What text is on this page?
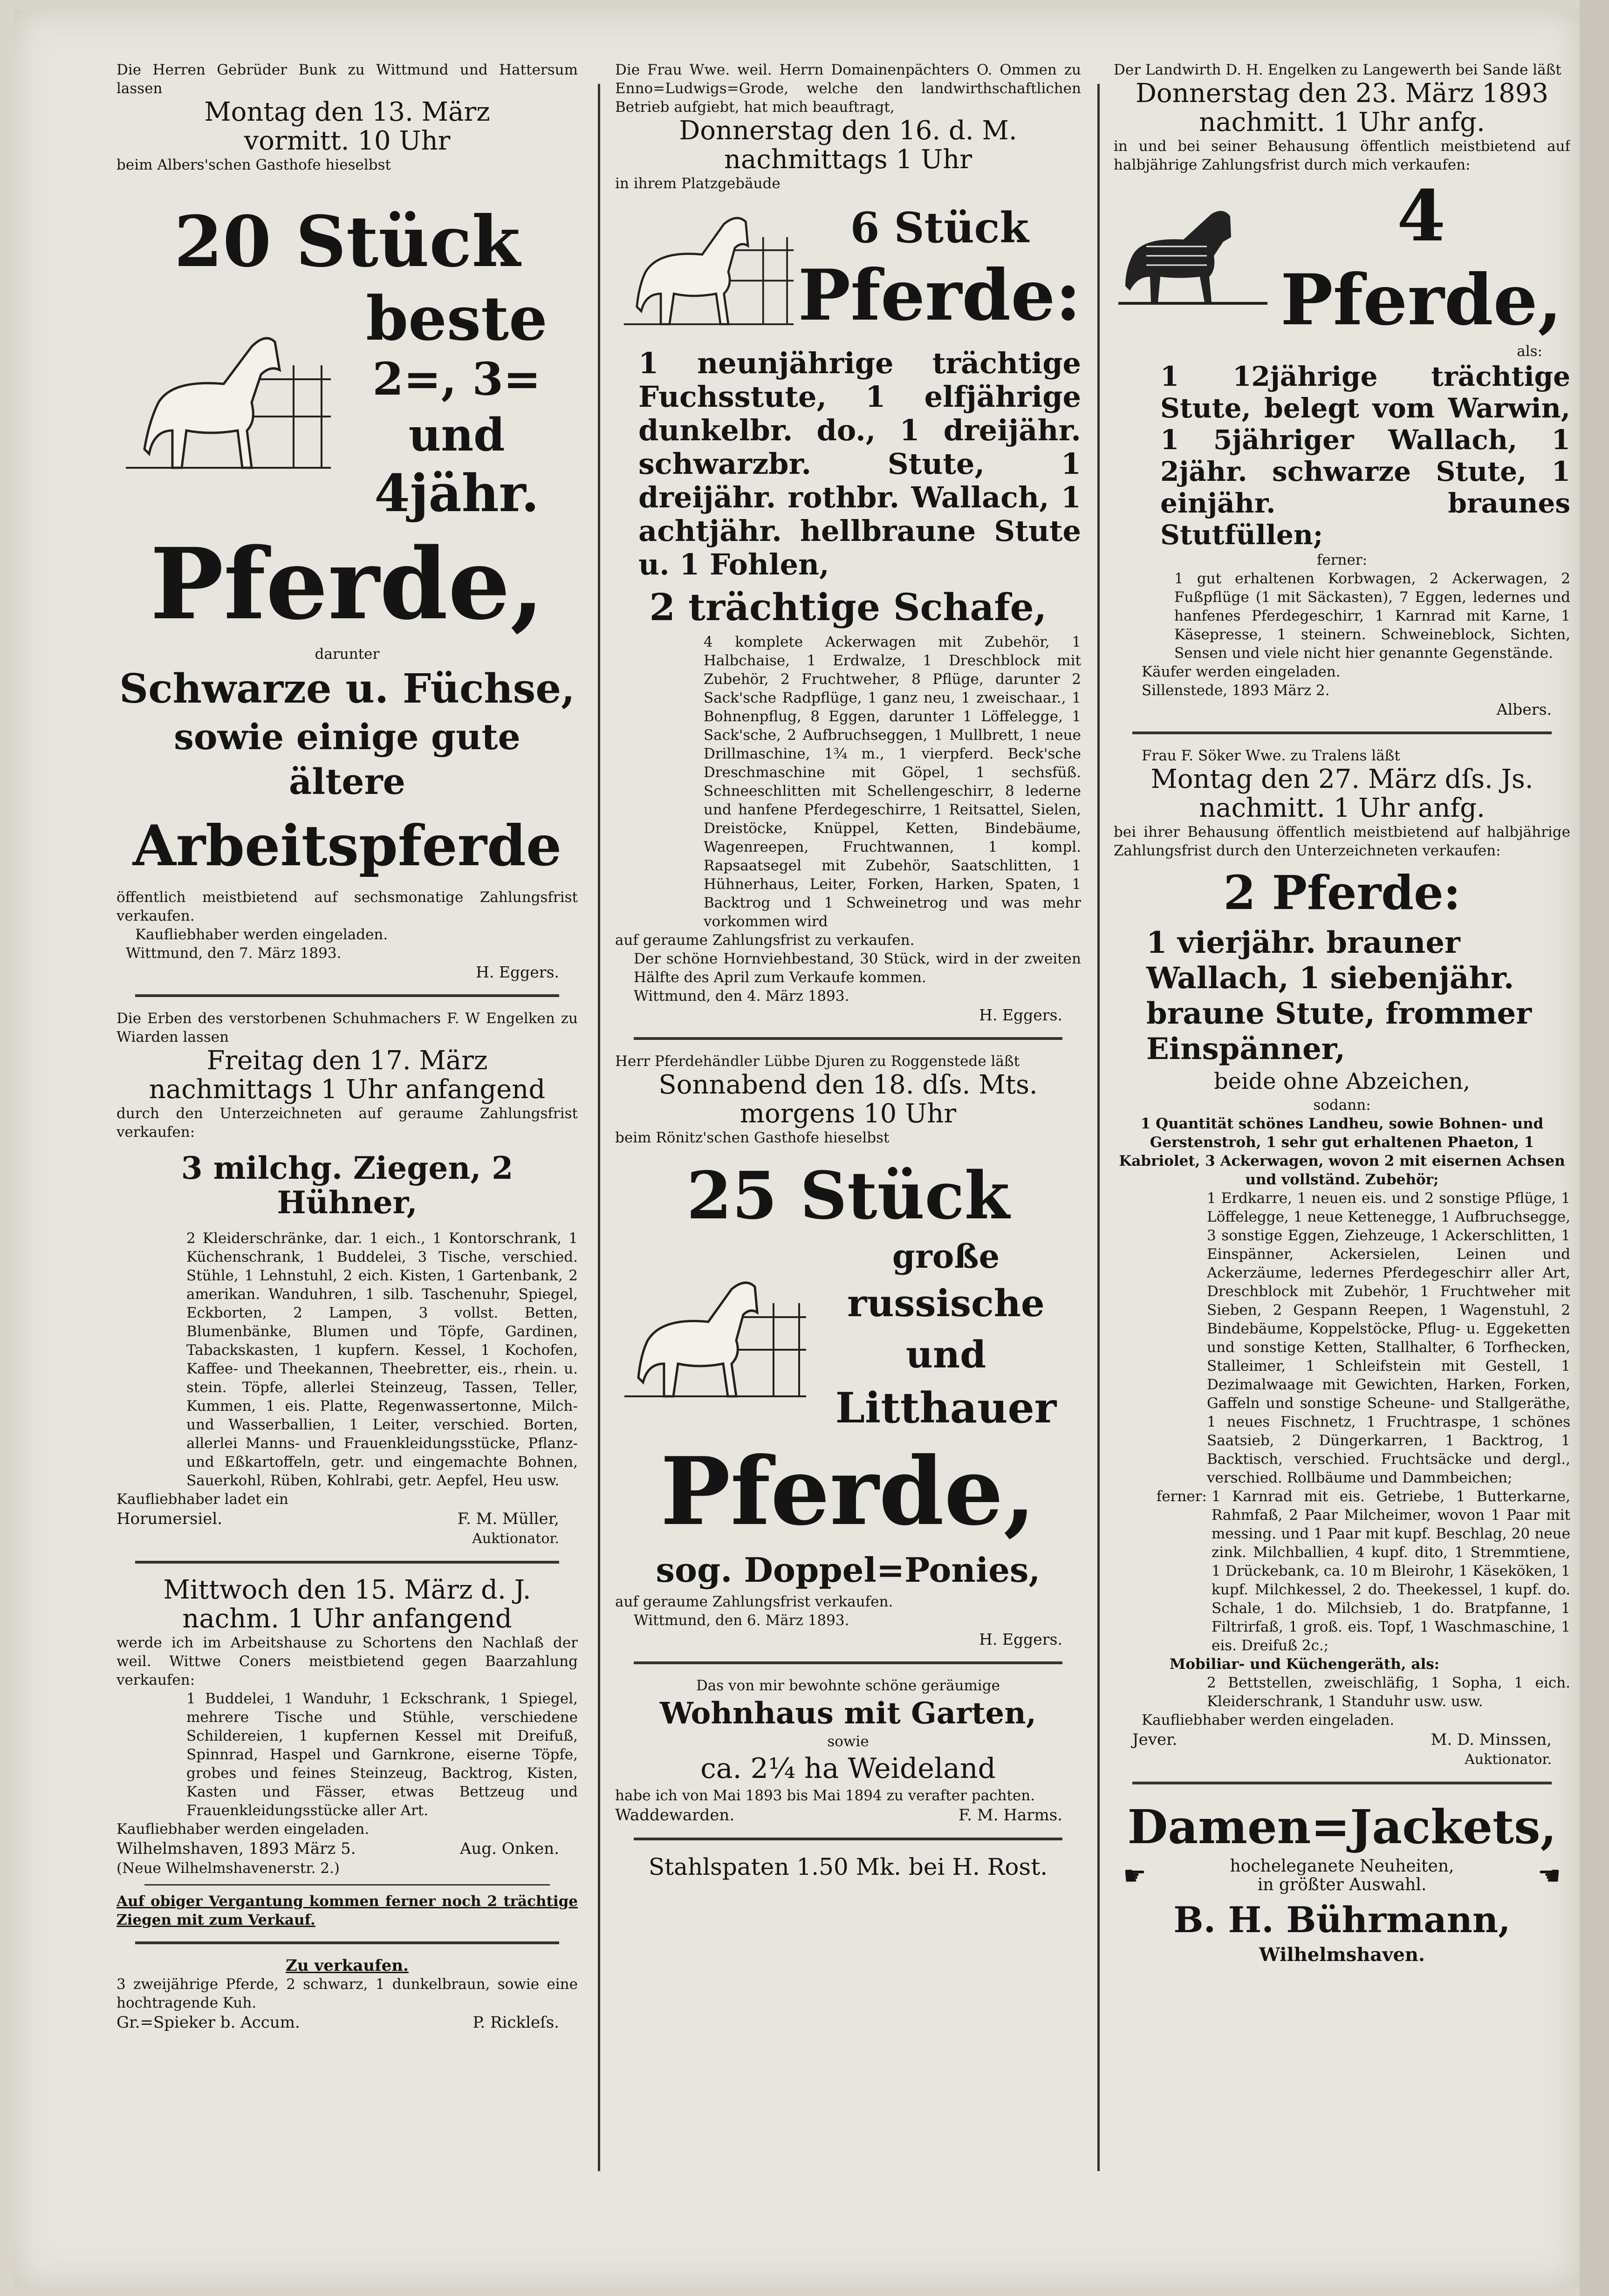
Die Herren Gebrüder Bunk zu Wittmund und Hattersum lassen

Montag den 13. März

vormitt. 10 Uhr

beim Albers'schen Gasthofe hieselbst

20 Stück

beste

2=, 3= und

4jähr.

Pferde,

darunter

Schwarze u. Füchse,

sowie einige gute ältere

Arbeitspferde

öffentlich meistbietend auf sechsmonatige Zahlungsfrist verkaufen.

Kaufliebhaber werden eingeladen.

Wittmund, den 7. März 1893.

H. Eggers.

Die Erben des verstorbenen Schuhmachers F. W Engelken zu Wiarden lassen

Freitag den 17. März

nachmittags 1 Uhr anfangend

durch den Unterzeichneten auf geraume Zahlungsfrist verkaufen:

3 milchg. Ziegen, 2 Hühner,

2 Kleiderschränke, dar. 1 eich., 1 Kontorschrank, 1 Küchenschrank, 1 Buddelei, 3 Tische, verschied. Stühle, 1 Lehnstuhl, 2 eich. Kisten, 1 Gartenbank, 2 amerikan. Wanduhren, 1 silb. Taschenuhr, Spiegel, Eckborten, 2 Lampen, 3 vollst. Betten, Blumenbänke, Blumen und Töpfe, Gardinen, Tabackskasten, 1 kupfern. Kessel, 1 Kochofen, Kaffee- und Theekannen, Theebretter, eis., rhein. u. stein. Töpfe, allerlei Steinzeug, Tassen, Teller, Kummen, 1 eis. Platte, Regenwassertonne, Milch- und Wasserballien, 1 Leiter, verschied. Borten, allerlei Manns- und Frauenkleidungsstücke, Pflanz- und Eßkartoffeln, getr. und eingemachte Bohnen, Sauerkohl, Rüben, Kohlrabi, getr. Aepfel, Heu usw.

Kaufliebhaber ladet ein

Horumersiel.	F. M. Müller,

Auktionator.

Mittwoch den 15. März d. J.

nachm. 1 Uhr anfangend

werde ich im Arbeitshause zu Schortens den Nachlaß der weil. Wittwe Coners meistbietend gegen Baarzahlung verkaufen:

1 Buddelei, 1 Wanduhr, 1 Eckschrank, 1 Spiegel, mehrere Tische und Stühle, verschiedene Schildereien, 1 kupfernen Kessel mit Dreifuß, Spinnrad, Haspel und Garnkrone, eiserne Töpfe, grobes und feines Steinzeug, Backtrog, Kisten, Kasten und Fässer, etwas Bettzeug und Frauenkleidungsstücke aller Art.

Kaufliebhaber werden eingeladen.

Wilhelmshaven, 1893 März 5.	Aug. Onken.

(Neue Wilhelmshavenerstr. 2.)

Auf obiger Vergantung kommen ferner noch 2 trächtige Ziegen mit zum Verkauf.

Zu verkaufen.

3 zweijährige Pferde, 2 schwarz, 1 dunkelbraun, sowie eine hochtragende Kuh.

Gr.=Spieker b. Accum.	P. Rickleſs.

Die Frau Wwe. weil. Herrn Domainenpächters O. Ommen zu Enno=Ludwigs=Grode, welche den landwirthschaftlichen Betrieb aufgiebt, hat mich beauftragt,

Donnerstag den 16. d. M.

nachmittags 1 Uhr

in ihrem Platzgebäude

6 Stück

Pferde:

1 neunjährige trächtige Fuchsstute, 1 elfjährige dunkelbr. do., 1 dreijähr. schwarzbr. Stute, 1 dreijähr. rothbr. Wallach, 1 achtjähr. hellbraune Stute u. 1 Fohlen,

2 trächtige Schafe,

4 komplete Ackerwagen mit Zubehör, 1 Halbchaise, 1 Erdwalze, 1 Dreschblock mit Zubehör, 2 Fruchtweher, 8 Pflüge, darunter 2 Sack'sche Radpflüge, 1 ganz neu, 1 zweischaar., 1 Bohnenpflug, 8 Eggen, darunter 1 Löffelegge, 1 Sack'sche, 2 Aufbruchseggen, 1 Mullbrett, 1 neue Drillmaschine, 1¾ m., 1 vierpferd. Beck'sche Dreschmaschine mit Göpel, 1 sechsfüß. Schneeschlitten mit Schellengeschirr, 8 lederne und hanfene Pferdegeschirre, 1 Reitsattel, Sielen, Dreistöcke, Knüppel, Ketten, Bindebäume, Wagenreepen, Fruchtwannen, 1 kompl. Rapsaatsegel mit Zubehör, Saatschlitten, 1 Hühnerhaus, Leiter, Forken, Harken, Spaten, 1 Backtrog und 1 Schweinetrog und was mehr vorkommen wird

auf geraume Zahlungsfrist zu verkaufen.

Der schöne Hornviehbestand, 30 Stück, wird in der zweiten Hälfte des April zum Verkaufe kommen.

Wittmund, den 4. März 1893.

H. Eggers.

Herr Pferdehändler Lübbe Djuren zu Roggenstede läßt

Sonnabend den 18. dſs. Mts.

morgens 10 Uhr

beim Rönitz'schen Gasthofe hieselbst

25 Stück

große

russische und

Litthauer

Pferde,

sog. Doppel=Ponies,

auf geraume Zahlungsfrist verkaufen.

Wittmund, den 6. März 1893.

H. Eggers.

Das von mir bewohnte schöne geräumige

Wohnhaus mit Garten,

sowie

ca. 2¼ ha Weideland

habe ich von Mai 1893 bis Mai 1894 zu verafter pachten.

Waddewarden.	F. M. Harms.

Stahlspaten 1.50 Mk. bei H. Rost.

Der Landwirth D. H. Engelken zu Langewerth bei Sande läßt

Donnerstag den 23. März 1893

nachmitt. 1 Uhr anfg.

in und bei seiner Behausung öffentlich meistbietend auf halbjährige Zahlungsfrist durch mich verkaufen:

4 Pferde,

als:

1 12jährige trächtige Stute, belegt vom Warwin, 1 5jähriger Wallach, 1 2jähr. schwarze Stute, 1 einjähr. braunes Stutfüllen;

ferner:

1 gut erhaltenen Korbwagen, 2 Ackerwagen, 2 Fußpflüge (1 mit Säckasten), 7 Eggen, ledernes und hanfenes Pferdegeschirr, 1 Karnrad mit Karne, 1 Käsepresse, 1 steinern. Schweineblock, Sichten, Sensen und viele nicht hier genannte Gegenstände.

Käufer werden eingeladen.

Sillenstede, 1893 März 2.

Albers.

Frau F. Söker Wwe. zu Tralens läßt

Montag den 27. März dſs. Js.

nachmitt. 1 Uhr anfg.

bei ihrer Behausung öffentlich meistbietend auf halbjährige Zahlungsfrist durch den Unterzeichneten verkaufen:

2 Pferde:

1 vierjähr. brauner Wallach, 1 siebenjähr. braune Stute, frommer Einspänner,

beide ohne Abzeichen,

sodann:

1 Quantität schönes Landheu, sowie Bohnen- und Gerstenstroh, 1 sehr gut erhaltenen Phaeton, 1 Kabriolet, 3 Ackerwagen, wovon 2 mit eisernen Achsen und vollständ. Zubehör;

1 Erdkarre, 1 neuen eis. und 2 sonstige Pflüge, 1 Löffelegge, 1 neue Kettenegge, 1 Aufbruchsegge, 3 sonstige Eggen, Ziehzeuge, 1 Ackerschlitten, 1 Einspänner, Ackersielen, Leinen und Ackerzäume, ledernes Pferdegeschirr aller Art, Dreschblock mit Zubehör, 1 Fruchtweher mit Sieben, 2 Gespann Reepen, 1 Wagenstuhl, 2 Bindebäume, Koppelstöcke, Pflug- u. Eggeketten und sonstige Ketten, Stallhalter, 6 Torfhecken, Stalleimer, 1 Schleifstein mit Gestell, 1 Dezimalwaage mit Gewichten, Harken, Forken, Gaffeln und sonstige Scheune- und Stallgeräthe, 1 neues Fischnetz, 1 Fruchtraspe, 1 schönes Saatsieb, 2 Düngerkarren, 1 Backtrog, 1 Backtisch, verschied. Fruchtsäcke und dergl., verschied. Rollbäume und Dammbeichen;

ferner: 1 Karnrad mit eis. Getriebe, 1 Butterkarne, Rahmfaß, 2 Paar Milcheimer, wovon 1 Paar mit messing. und 1 Paar mit kupf. Beschlag, 20 neue zink. Milchballien, 4 kupf. dito, 1 Stremmtiene, 1 Drückebank, ca. 10 m Bleirohr, 1 Käseköken, 1 kupf. Milchkessel, 2 do. Theekessel, 1 kupf. do. Schale, 1 do. Milchsieb, 1 do. Bratpfanne, 1 Filtrirfaß, 1 groß. eis. Topf, 1 Waschmaschine, 1 eis. Dreifuß 2c.;

Mobiliar- und Küchengeräth, als:

2 Bettstellen, zweischläfig, 1 Sopha, 1 eich. Kleiderschrank, 1 Standuhr usw. usw.

Kaufliebhaber werden eingeladen.

Jever.	M. D. Minssen,

Auktionator.

Damen=Jackets,

☛	hocheleganete Neuheiten,

in größter Auswahl.	☚

B. H. Bührmann,

Wilhelmshaven.
